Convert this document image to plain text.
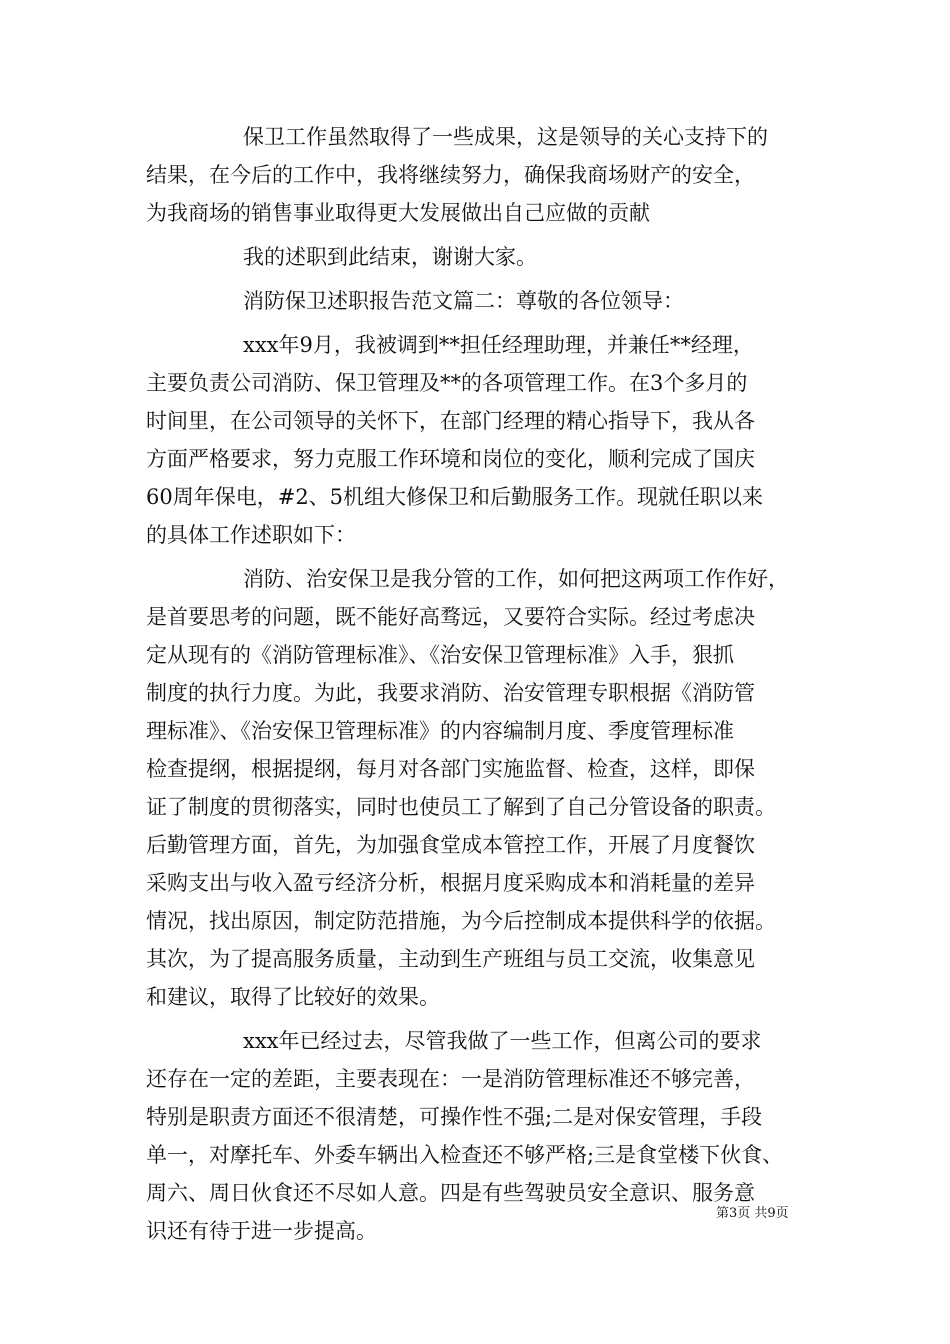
保卫工作虽然取得了一些成果，这是领导的关心支持下的
结果，在今后的工作中，我将继续努力，确保我商场财产的安全，
为我商场的销售事业取得更大发展做出自己应做的贡献
我的述职到此结束，谢谢大家。
消防保卫述职报告范文篇二：尊敬的各位领导：
xxx年9月，我被调到**担任经理助理，并兼任**经理，
主要负责公司消防、保卫管理及**的各项管理工作。在3个多月的
时间里，在公司领导的关怀下，在部门经理的精心指导下，我从各
方面严格要求，努力克服工作环境和岗位的变化，顺利完成了国庆
60周年保电，#2、5机组大修保卫和后勤服务工作。现就任职以来
的具体工作述职如下：
消防、治安保卫是我分管的工作，如何把这两项工作作好，
是首要思考的问题，既不能好高骛远，又要符合实际。经过考虑决
定从现有的《消防管理标准》、《治安保卫管理标准》入手，狠抓
制度的执行力度。为此，我要求消防、治安管理专职根据《消防管
理标准》、《治安保卫管理标准》的内容编制月度、季度管理标准
检查提纲，根据提纲，每月对各部门实施监督、检查，这样，即保
证了制度的贯彻落实，同时也使员工了解到了自己分管设备的职责。
后勤管理方面，首先，为加强食堂成本管控工作，开展了月度餐饮
采购支出与收入盈亏经济分析，根据月度采购成本和消耗量的差异
情况，找出原因，制定防范措施，为今后控制成本提供科学的依据。
其次，为了提高服务质量，主动到生产班组与员工交流，收集意见
和建议，取得了比较好的效果。
xxx年已经过去，尽管我做了一些工作，但离公司的要求
还存在一定的差距，主要表现在：一是消防管理标准还不够完善，
特别是职责方面还不很清楚，可操作性不强;二是对保安管理，手段
单一，对摩托车、外委车辆出入检查还不够严格;三是食堂楼下伙食、
周六、周日伙食还不尽如人意。四是有些驾驶员安全意识、服务意
识还有待于进一步提高。
第3页 共9页
